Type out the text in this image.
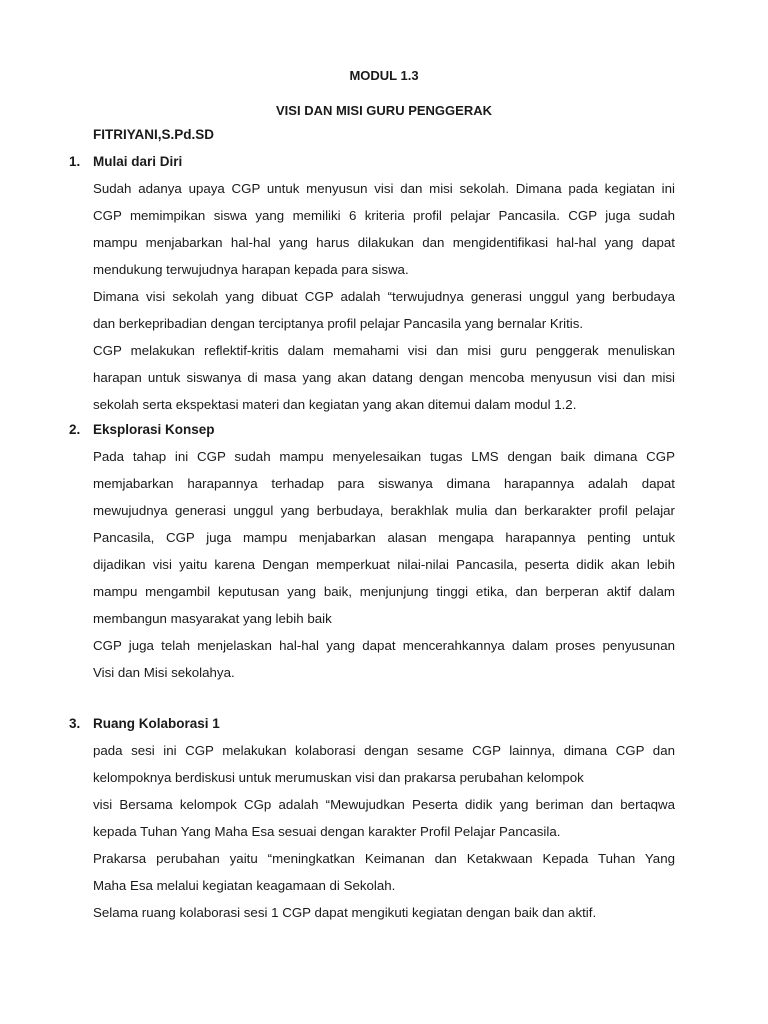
MODUL 1.3
VISI DAN MISI GURU PENGGERAK
FITRIYANI,S.Pd.SD
1. Mulai dari Diri
Sudah adanya upaya CGP untuk menyusun visi dan misi sekolah. Dimana pada kegiatan ini
CGP memimpikan siswa yang memiliki 6 kriteria profil pelajar Pancasila. CGP juga sudah
mampu menjabarkan hal-hal yang harus dilakukan dan mengidentifikasi hal-hal yang dapat
mendukung terwujudnya harapan kepada para siswa.
Dimana visi sekolah yang dibuat CGP adalah “terwujudnya generasi unggul yang berbudaya
dan berkepribadian dengan terciptanya profil pelajar Pancasila yang bernalar Kritis.
CGP melakukan reflektif-kritis dalam memahami visi dan misi guru penggerak menuliskan
harapan untuk siswanya di masa yang akan datang dengan mencoba menyusun visi dan misi
sekolah serta ekspektasi materi dan kegiatan yang akan ditemui dalam modul 1.2.
2. Eksplorasi Konsep
Pada tahap ini CGP sudah mampu menyelesaikan tugas LMS dengan baik dimana CGP
memjabarkan harapannya terhadap para siswanya dimana harapannya adalah dapat
mewujudnya generasi unggul yang berbudaya, berakhlak mulia dan berkarakter profil pelajar
Pancasila, CGP juga mampu menjabarkan alasan mengapa harapannya penting untuk
dijadikan visi yaitu karena Dengan memperkuat nilai-nilai Pancasila, peserta didik akan lebih
mampu mengambil keputusan yang baik, menjunjung tinggi etika, dan berperan aktif dalam
membangun masyarakat yang lebih baik
CGP juga telah menjelaskan hal-hal yang dapat mencerahkannya dalam proses penyusunan
Visi dan Misi sekolahya.
3. Ruang Kolaborasi 1
pada sesi ini CGP melakukan kolaborasi dengan sesame CGP lainnya, dimana CGP dan
kelompoknya berdiskusi untuk merumuskan visi dan prakarsa perubahan kelompok
visi Bersama kelompok CGp adalah “Mewujudkan Peserta didik yang beriman dan bertaqwa
kepada Tuhan Yang Maha Esa sesuai dengan karakter Profil Pelajar Pancasila.
Prakarsa perubahan yaitu “meningkatkan Keimanan dan Ketakwaan Kepada Tuhan Yang
Maha Esa melalui kegiatan keagamaan di Sekolah.
Selama ruang kolaborasi sesi 1 CGP dapat mengikuti kegiatan dengan baik dan aktif.
